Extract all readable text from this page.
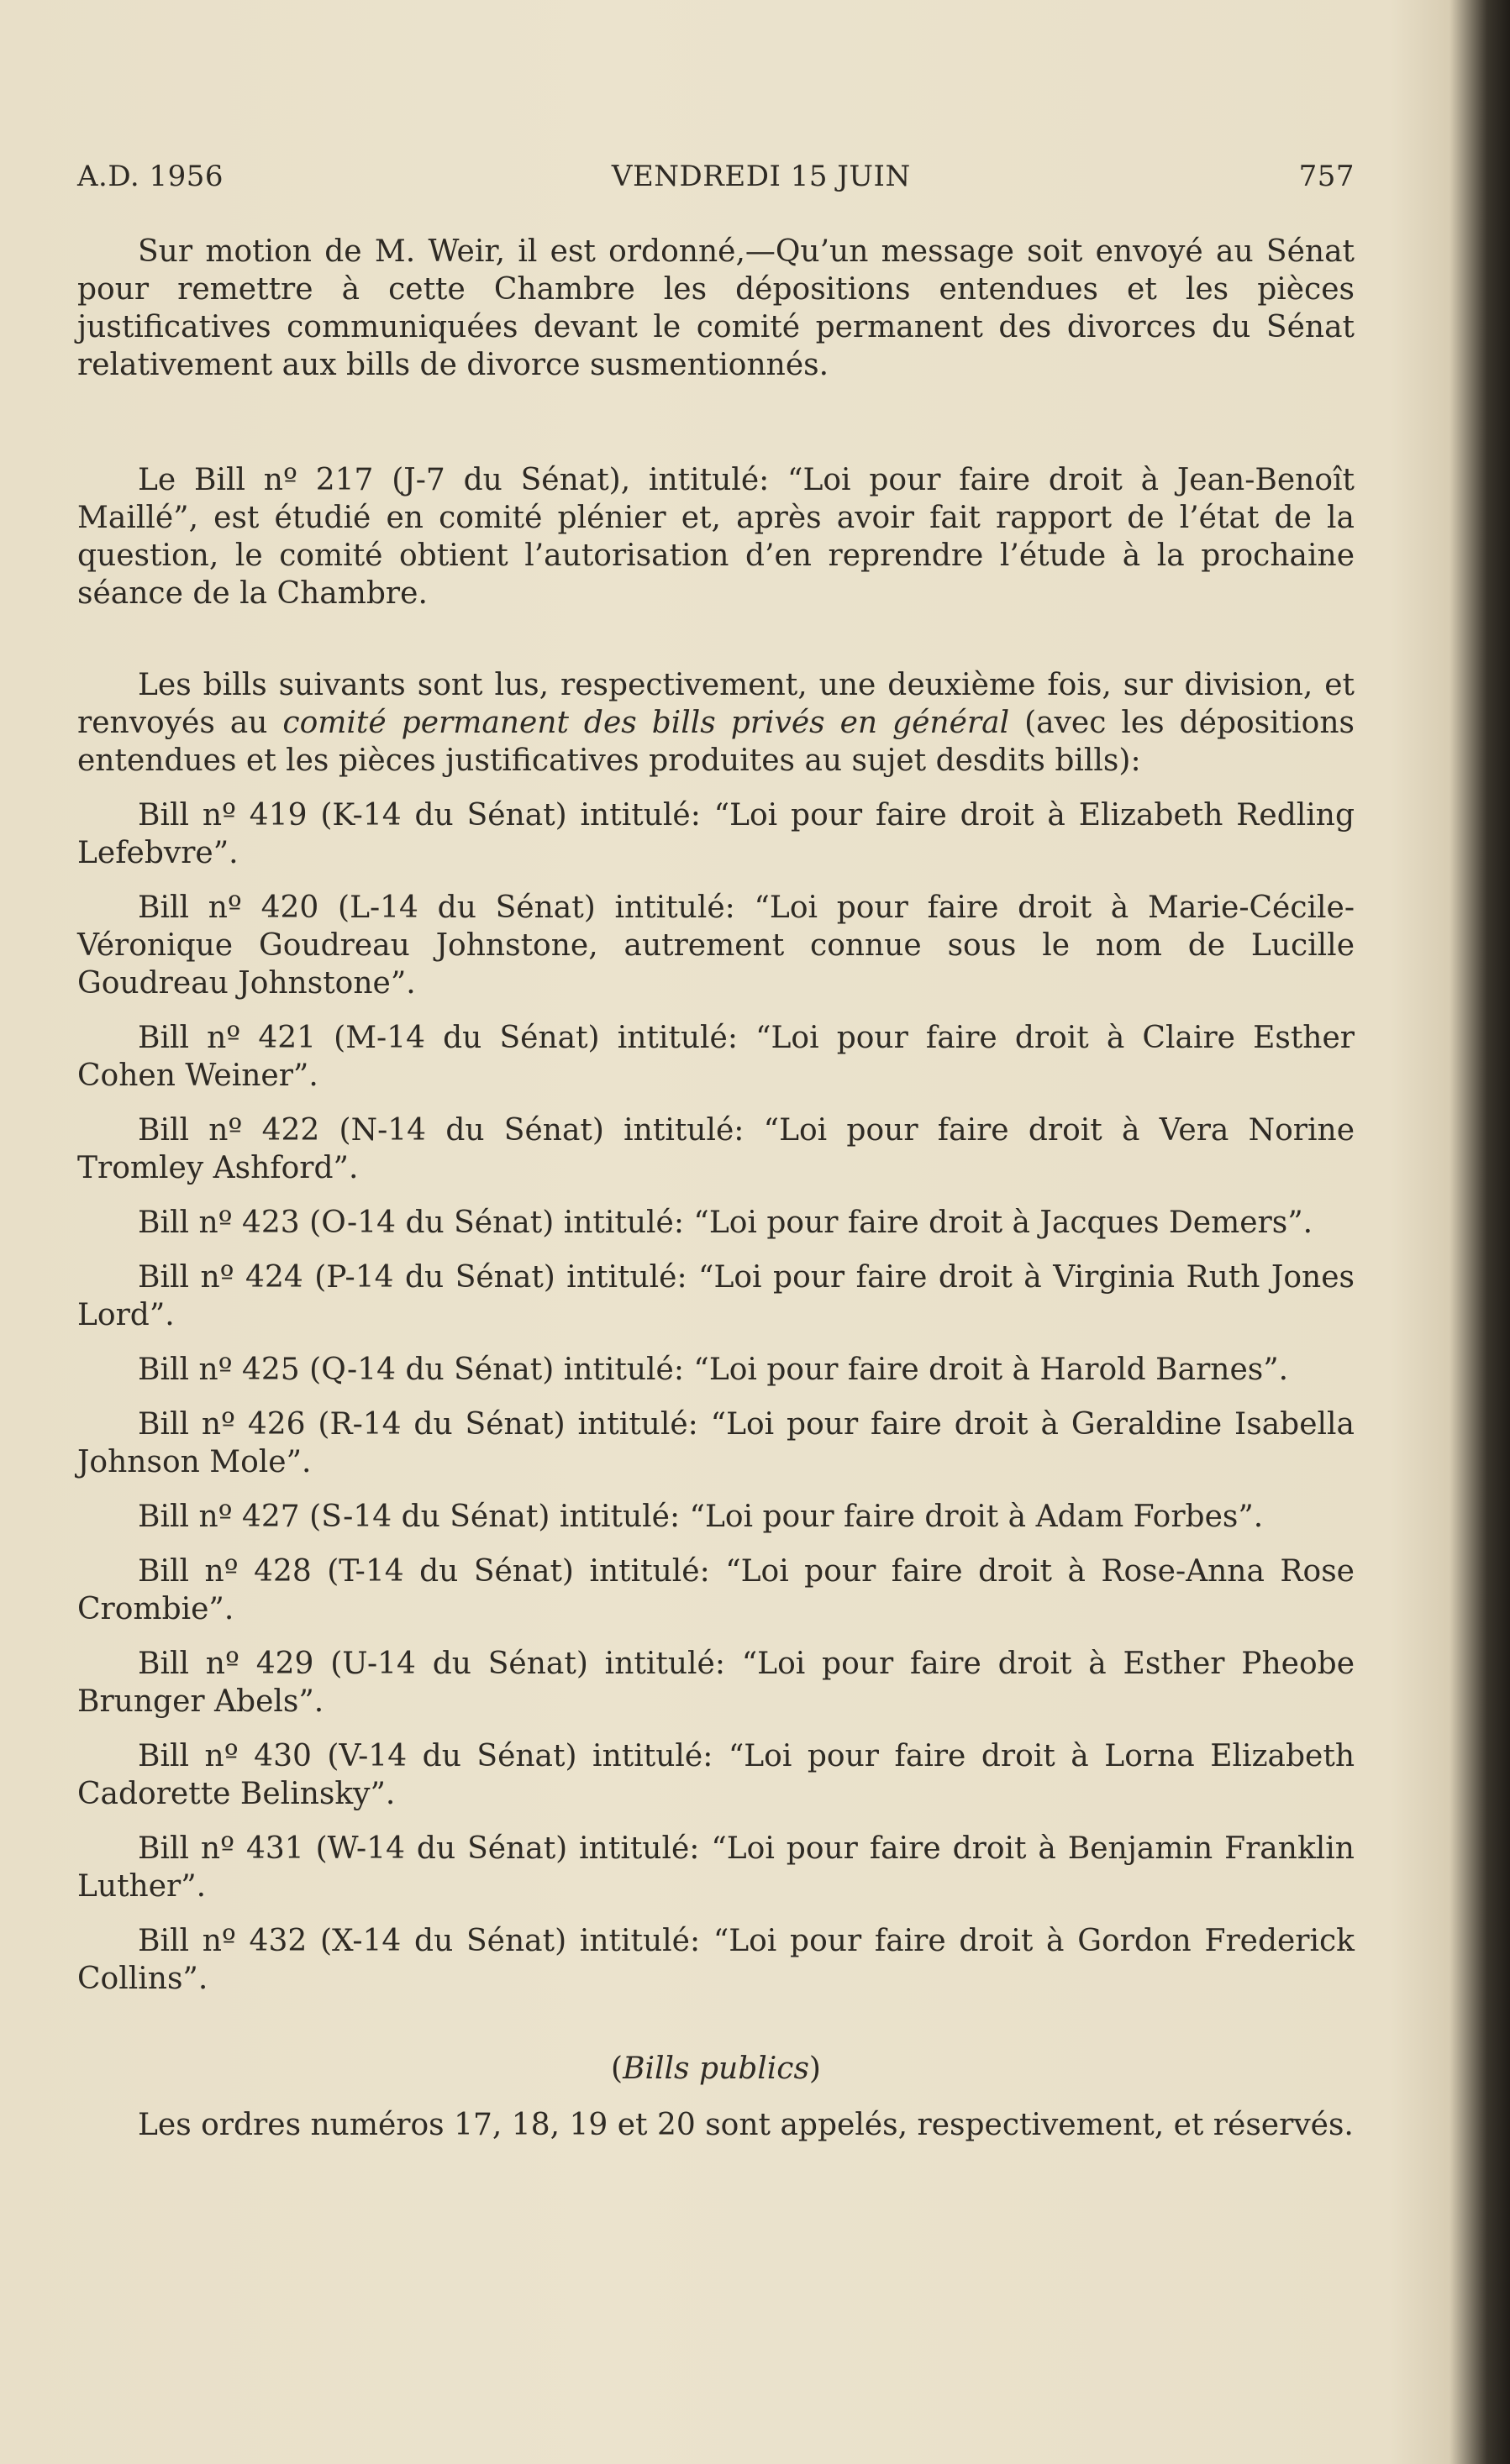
A.D. 1956	VENDREDI 15 JUIN	757

Sur motion de M. Weir, il est ordonné,—Qu’un message soit envoyé au Sénat pour remettre à cette Chambre les dépositions entendues et les pièces justificatives communiquées devant le comité permanent des divorces du Sénat relativement aux bills de divorce susmentionnés.

Le Bill nº 217 (J-7 du Sénat), intitulé: “Loi pour faire droit à Jean-Benoît Maillé”, est étudié en comité plénier et, après avoir fait rapport de l’état de la question, le comité obtient l’autorisation d’en reprendre l’étude à la prochaine séance de la Chambre.

Les bills suivants sont lus, respectivement, une deuxième fois, sur division, et renvoyés au comité permanent des bills privés en général (avec les dépositions entendues et les pièces justificatives produites au sujet desdits bills):

Bill nº 419 (K-14 du Sénat) intitulé: “Loi pour faire droit à Elizabeth Redling Lefebvre”.

Bill nº 420 (L-14 du Sénat) intitulé: “Loi pour faire droit à Marie-Cécile-Véronique Goudreau Johnstone, autrement connue sous le nom de Lucille Goudreau Johnstone”.

Bill nº 421 (M-14 du Sénat) intitulé: “Loi pour faire droit à Claire Esther Cohen Weiner”.

Bill nº 422 (N-14 du Sénat) intitulé: “Loi pour faire droit à Vera Norine Tromley Ashford”.

Bill nº 423 (O-14 du Sénat) intitulé: “Loi pour faire droit à Jacques Demers”.

Bill nº 424 (P-14 du Sénat) intitulé: “Loi pour faire droit à Virginia Ruth Jones Lord”.

Bill nº 425 (Q-14 du Sénat) intitulé: “Loi pour faire droit à Harold Barnes”.

Bill nº 426 (R-14 du Sénat) intitulé: “Loi pour faire droit à Geraldine Isabella Johnson Mole”.

Bill nº 427 (S-14 du Sénat) intitulé: “Loi pour faire droit à Adam Forbes”.

Bill nº 428 (T-14 du Sénat) intitulé: “Loi pour faire droit à Rose-Anna Rose Crombie”.

Bill nº 429 (U-14 du Sénat) intitulé: “Loi pour faire droit à Esther Pheobe Brunger Abels”.

Bill nº 430 (V-14 du Sénat) intitulé: “Loi pour faire droit à Lorna Elizabeth Cadorette Belinsky”.

Bill nº 431 (W-14 du Sénat) intitulé: “Loi pour faire droit à Benjamin Franklin Luther”.

Bill nº 432 (X-14 du Sénat) intitulé: “Loi pour faire droit à Gordon Frederick Collins”.

(Bills publics)

Les ordres numéros 17, 18, 19 et 20 sont appelés, respectivement, et réservés.
